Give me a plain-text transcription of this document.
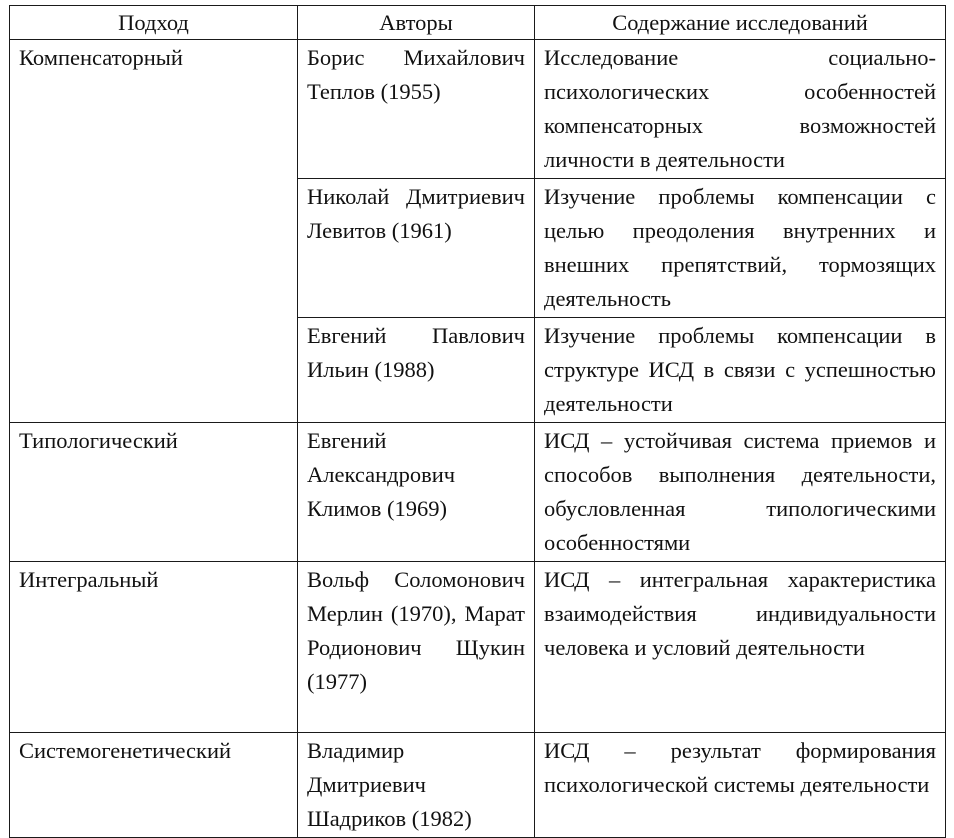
Подход	Авторы	Содержание исследований
Компенсаторный	Борис Михайлович Теплов (1955)	Исследование социально-психологических особенностей компенсаторных возможностей личности в деятельности
	Николай Дмитриевич Левитов (1961)	Изучение проблемы компенсации с целью преодоления внутренних и внешних препятствий, тормозящих деятельность
	Евгений Павлович Ильин (1988)	Изучение проблемы компенсации в структуре ИСД в связи с успешностью деятельности
Типологический	Евгений Александрович Климов (1969)	ИСД – устойчивая система приемов и способов выполнения деятельности, обусловленная типологическими особенностями
Интегральный	Вольф Соломонович Мерлин (1970), Марат Родионович Щукин (1977)	ИСД – интегральная характеристика взаимодействия индивидуальности человека и условий деятельности
Системогенетический	Владимир Дмитриевич Шадриков (1982)	ИСД – результат формирования психологической системы деятельности
